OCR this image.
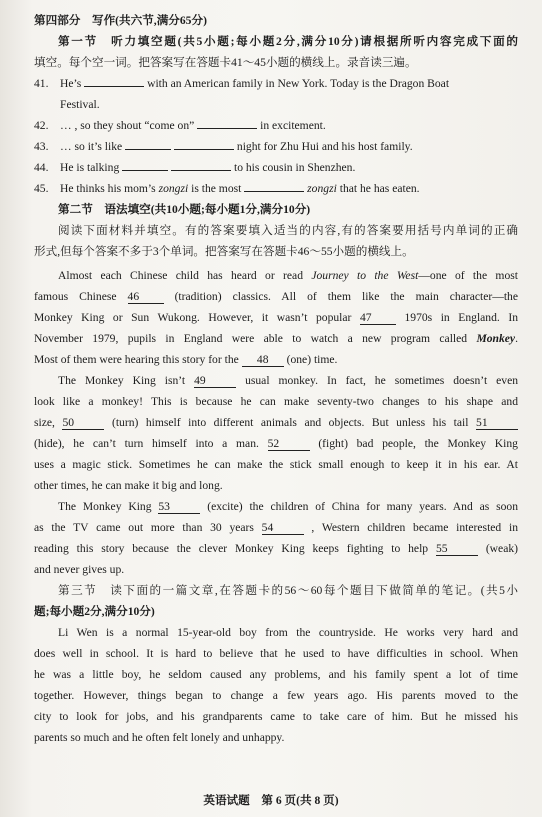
第四部分　写作(共六节,满分65分)
第一节　听力填空题(共5小题;每小题2分,满分10分)请根据所听内容完成下面的
填空。每个空一词。把答案写在答题卡41～45小题的横线上。录音读三遍。
41. He’s	with an American family in New York. Today is the Dragon Boat
Festival.
42. … , so they shout “come on”	in excitement.
43. … so it’s like	night for Zhu Hui and his host family.
44. He is talking	to his cousin in Shenzhen.
45. He thinks his mom’s zongzi is the most	zongzi that he has eaten.
第二节　语法填空(共10小题;每小题1分,满分10分)
阅读下面材料并填空。有的答案要填入适当的内容,有的答案要用括号内单词的正确
形式,但每个答案不多于3个单词。把答案写在答题卡46～55小题的横线上。
Almost each Chinese child has heard or read Journey to the West—one of the most
famous Chinese 46	(tradition) classics. All of them like the main character—the
Monkey King or Sun Wukong. However, it wasn’t popular 47	1970s in England. In
November 1979, pupils in England were able to watch a new program called Monkey.
Most of them were hearing this story for the 48 (one) time.
The Monkey King isn’t 49	usual monkey. In fact, he sometimes doesn’t even
look like a monkey! This is because he can make seventy-two changes to his shape and
size, 50	(turn) himself into different animals and objects. But unless his tail 51
(hide), he can’t turn himself into a man. 52	(fight) bad people, the Monkey King
uses a magic stick. Sometimes he can make the stick small enough to keep it in his ear. At
other times, he can make it big and long.
The Monkey King 53	(excite) the children of China for many years. And as soon
as the TV came out more than 30 years 54	, Western children became interested in
reading this story because the clever Monkey King keeps fighting to help 55	(weak)
and never gives up.
第三节　读下面的一篇文章,在答题卡的56～60每个题目下做简单的笔记。(共5小
题;每小题2分,满分10分)
Li Wen is a normal 15-year-old boy from the countryside. He works very hard and
does well in school. It is hard to believe that he used to have difficulties in school. When
he was a little boy, he seldom caused any problems, and his family spent a lot of time
together. However, things began to change a few years ago. His parents moved to the
city to look for jobs, and his grandparents came to take care of him. But he missed his
parents so much and he often felt lonely and unhappy.
英语试题　第 6 页(共 8 页)
